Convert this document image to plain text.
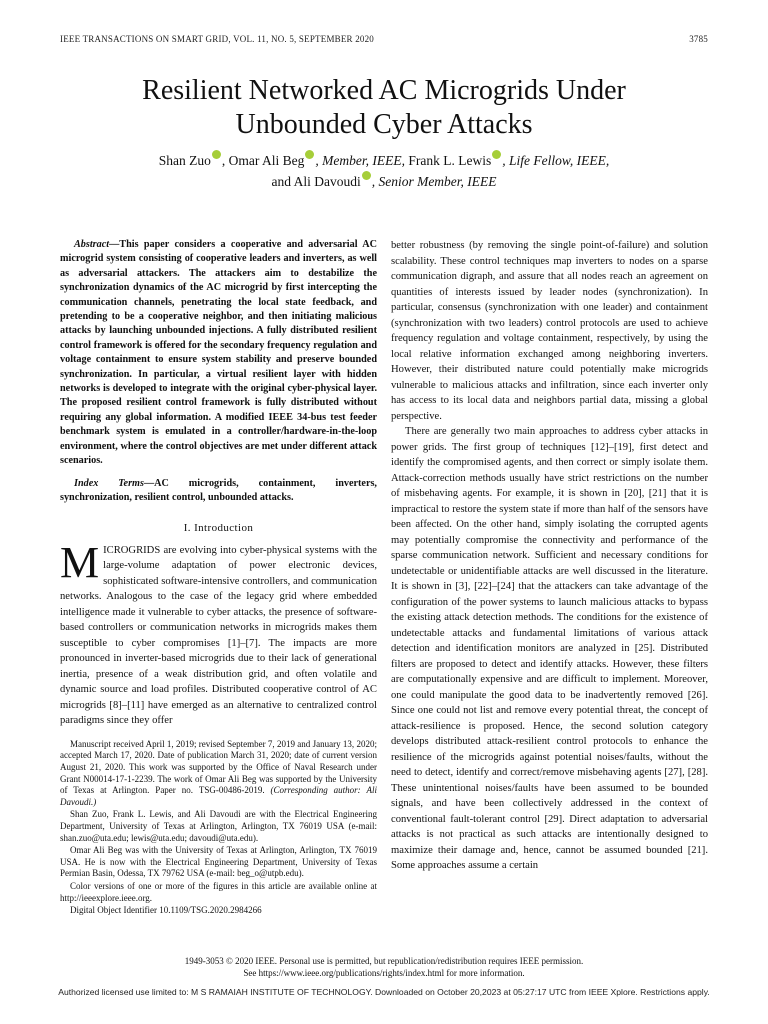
IEEE TRANSACTIONS ON SMART GRID, VOL. 11, NO. 5, SEPTEMBER 2020	3785
Resilient Networked AC Microgrids Under
Unbounded Cyber Attacks
Shan Zuo , Omar Ali Beg , Member, IEEE, Frank L. Lewis , Life Fellow, IEEE,
and Ali Davoudi , Senior Member, IEEE

Abstract—This paper considers a cooperative and adversarial AC microgrid system consisting of cooperative leaders and inverters, as well as adversarial attackers. The attackers aim to destabilize the synchronization dynamics of the AC microgrid by first intercepting the communication channels, penetrating the local state feedback, and pretending to be a cooperative neighbor, and then initiating malicious attacks by launching unbounded injections. A fully distributed resilient control framework is offered for the secondary frequency regulation and voltage containment to ensure system stability and preserve bounded synchronization. In particular, a virtual resilient layer with hidden networks is developed to integrate with the original cyber-physical layer. The proposed resilient control framework is fully distributed without requiring any global information. A modified IEEE 34-bus test feeder benchmark system is emulated in a controller/hardware-in-the-loop environment, where the control objectives are met under different attack scenarios.

Index Terms—AC microgrids, containment, inverters, synchronization, resilient control, unbounded attacks.

I. Introduction

MICROGRIDS are evolving into cyber-physical systems with the large-volume adaptation of power electronic devices, sophisticated software-intensive controllers, and communication networks. Analogous to the case of the legacy grid where embedded intelligence made it vulnerable to cyber attacks, the presence of software-based controllers or communication networks in microgrids makes them susceptible to cyber compromises [1]–[7]. The impacts are more pronounced in inverter-based microgrids due to their lack of generational inertia, presence of a weak distribution grid, and often volatile and dynamic source and load profiles. Distributed cooperative control of AC microgrids [8]–[11] have emerged as an alternative to centralized control paradigms since they offer

Manuscript received April 1, 2019; revised September 7, 2019 and January 13, 2020; accepted March 17, 2020. Date of publication March 31, 2020; date of current version August 21, 2020. This work was supported by the Office of Naval Research under Grant N00014-17-1-2239. The work of Omar Ali Beg was supported by the University of Texas at Arlington. Paper no. TSG-00486-2019. (Corresponding author: Ali Davoudi.)

Shan Zuo, Frank L. Lewis, and Ali Davoudi are with the Electrical Engineering Department, University of Texas at Arlington, Arlington, TX 76019 USA (e-mail: shan.zuo@uta.edu; lewis@uta.edu; davoudi@uta.edu).

Omar Ali Beg was with the University of Texas at Arlington, Arlington, TX 76019 USA. He is now with the Electrical Engineering Department, University of Texas Permian Basin, Odessa, TX 79762 USA (e-mail: beg_o@utpb.edu).

Color versions of one or more of the figures in this article are available online at http://ieeexplore.ieee.org.

Digital Object Identifier 10.1109/TSG.2020.2984266

better robustness (by removing the single point-of-failure) and solution scalability. These control techniques map inverters to nodes on a sparse communication digraph, and assure that all nodes reach an agreement on quantities of interests issued by leader nodes (synchronization). In particular, consensus (synchronization with one leader) and containment (synchronization with two leaders) control protocols are used to achieve frequency regulation and voltage containment, respectively, by using the local relative information exchanged among neighboring inverters. However, their distributed nature could potentially make microgrids vulnerable to malicious attacks and infiltration, since each inverter only has access to its local data and neighbors partial data, missing a global perspective.

There are generally two main approaches to address cyber attacks in power grids. The first group of techniques [12]–[19], first detect and identify the compromised agents, and then correct or simply isolate them. Attack-correction methods usually have strict restrictions on the number of misbehaving agents. For example, it is shown in [20], [21] that it is impractical to restore the system state if more than half of the sensors have been affected. On the other hand, simply isolating the corrupted agents may potentially compromise the connectivity and performance of the sparse communication network. Sufficient and necessary conditions for undetectable or unidentifiable attacks are well discussed in the literature. It is shown in [3], [22]–[24] that the attackers can take advantage of the configuration of the power systems to launch malicious attacks to bypass the existing attack detection methods. The conditions for the existence of undetectable attacks and fundamental limitations of various attack detection and identification monitors are analyzed in [25]. Distributed filters are proposed to detect and identify attacks. However, these filters are computationally expensive and are difficult to implement. Moreover, one could manipulate the good data to be inadvertently removed [26]. Since one could not list and remove every potential threat, the concept of attack-resilience is proposed. Hence, the second solution category develops distributed attack-resilient control protocols to enhance the resilience of the microgrids against potential noises/faults, without the need to detect, identify and correct/remove misbehaving agents [27], [28]. These unintentional noises/faults have been assumed to be bounded signals, and have been collectively addressed in the context of conventional fault-tolerant control [29]. Direct adaptation to adversarial attacks is not practical as such attacks are intentionally designed to maximize their damage and, hence, cannot be assumed bounded [21]. Some approaches assume a certain

1949-3053 © 2020 IEEE. Personal use is permitted, but republication/redistribution requires IEEE permission.
See https://www.ieee.org/publications/rights/index.html for more information.
Authorized licensed use limited to: M S RAMAIAH INSTITUTE OF TECHNOLOGY. Downloaded on October 20,2023 at 05:27:17 UTC from IEEE Xplore. Restrictions apply.
